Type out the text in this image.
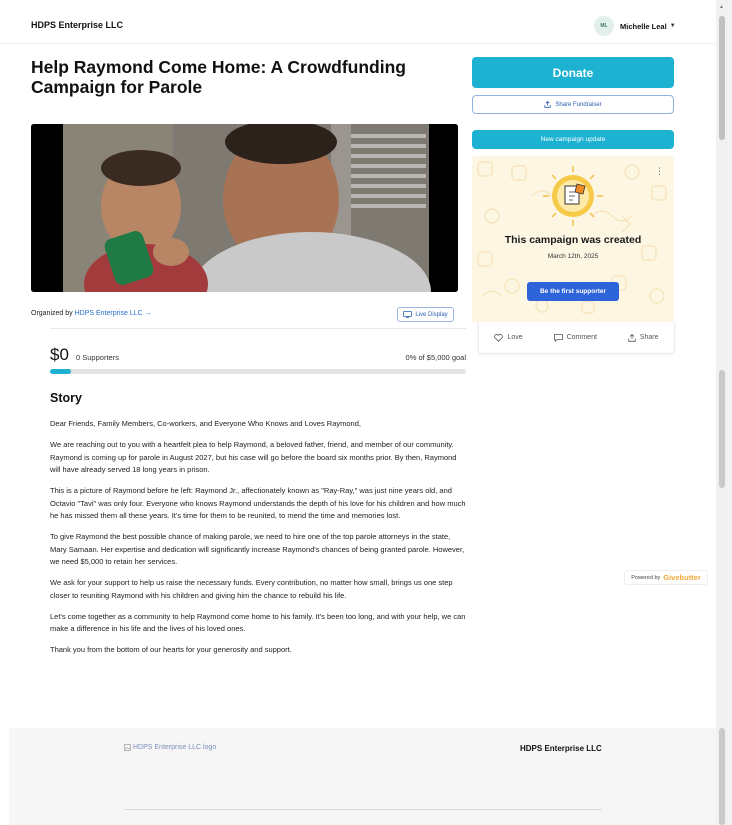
HDPS Enterprise LLC	ML	Michelle Leal ▼
Help Raymond Come Home: A Crowdfunding Campaign for Parole
Organized by HDPS Enterprise LLC →	Live Display
$0 0 Supporters	0% of $5,000 goal
Story

Dear Friends, Family Members, Co-workers, and Everyone Who Knows and Loves Raymond,

We are reaching out to you with a heartfelt plea to help Raymond, a beloved father, friend, and member of our community. Raymond is coming up for parole in August 2027, but his case will go before the board six months prior. By then, Raymond will have already served 18 long years in prison.

This is a picture of Raymond before he left: Raymond Jr., affectionately known as "Ray-Ray," was just nine years old, and Octavio "Tavi" was only four. Everyone who knows Raymond understands the depth of his love for his children and how much he has missed them all these years. It's time for them to be reunited, to mend the time and memories lost.

To give Raymond the best possible chance of making parole, we need to hire one of the top parole attorneys in the state, Mary Samaan. Her expertise and dedication will significantly increase Raymond's chances of being granted parole. However, we need $5,000 to retain her services.

We ask for your support to help us raise the necessary funds. Every contribution, no matter how small, brings us one step closer to reuniting Raymond with his children and giving him the chance to rebuild his life.

Let's come together as a community to help Raymond come home to his family. It's been too long, and with your help, we can make a difference in his life and the lives of his loved ones.

Thank you from the bottom of our hearts for your generosity and support.

Donate
Share Fundraiser
New campaign update
⋮
This campaign was created
March 12th, 2025
Be the first supporter
Love	Comment	Share
Powered by Givebutter
HDPS Enterprise LLC logo	HDPS Enterprise LLC
▲
